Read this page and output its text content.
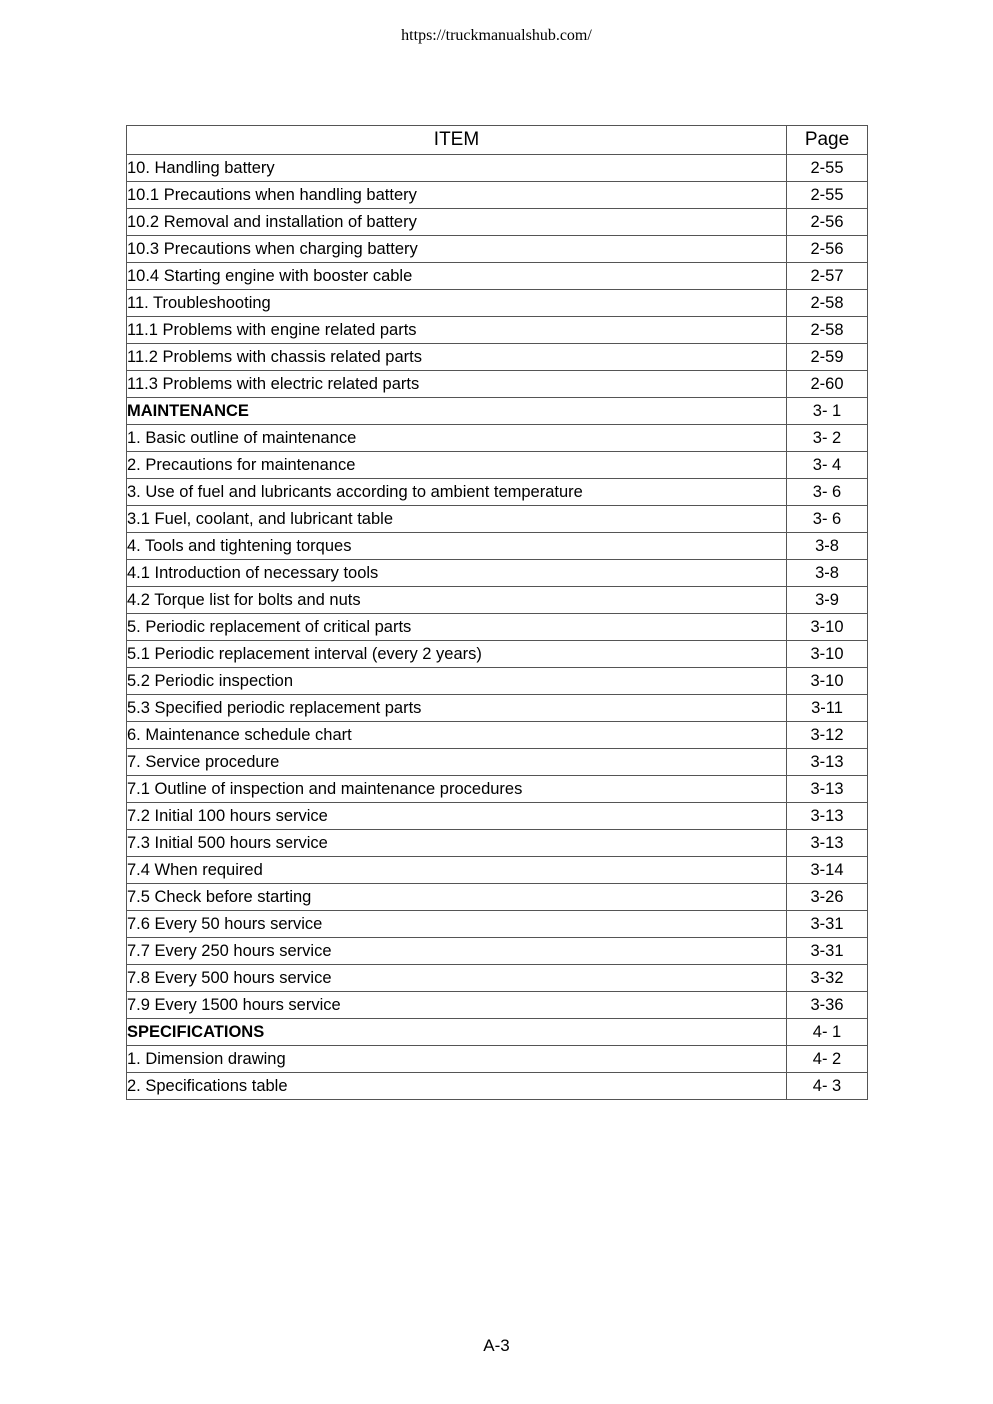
https://truckmanualshub.com/
ITEM	Page
10. Handling battery	2-55
10.1 Precautions when handling battery	2-55
10.2 Removal and installation of battery	2-56
10.3 Precautions when charging battery	2-56
10.4 Starting engine with booster cable	2-57
11. Troubleshooting	2-58
11.1 Problems with engine related parts	2-58
11.2 Problems with chassis related parts	2-59
11.3 Problems with electric related parts	2-60
MAINTENANCE	3- 1
1. Basic outline of maintenance	3- 2
2. Precautions for maintenance	3- 4
3. Use of fuel and lubricants according to ambient temperature	3- 6
3.1 Fuel, coolant, and lubricant table	3- 6
4. Tools and tightening torques	3-8
4.1 Introduction of necessary tools	3-8
4.2 Torque list for bolts and nuts	3-9
5. Periodic replacement of critical parts	3-10
5.1 Periodic replacement interval (every 2 years)	3-10
5.2 Periodic inspection	3-10
5.3 Specified periodic replacement parts	3-11
6. Maintenance schedule chart	3-12
7. Service procedure	3-13
7.1 Outline of inspection and maintenance procedures	3-13
7.2 Initial 100 hours service	3-13
7.3 Initial 500 hours service	3-13
7.4 When required	3-14
7.5 Check before starting	3-26
7.6 Every 50 hours service	3-31
7.7 Every 250 hours service	3-31
7.8 Every 500 hours service	3-32
7.9 Every 1500 hours service	3-36
SPECIFICATIONS	4- 1
1. Dimension drawing	4- 2
2. Specifications table	4- 3
A-3
